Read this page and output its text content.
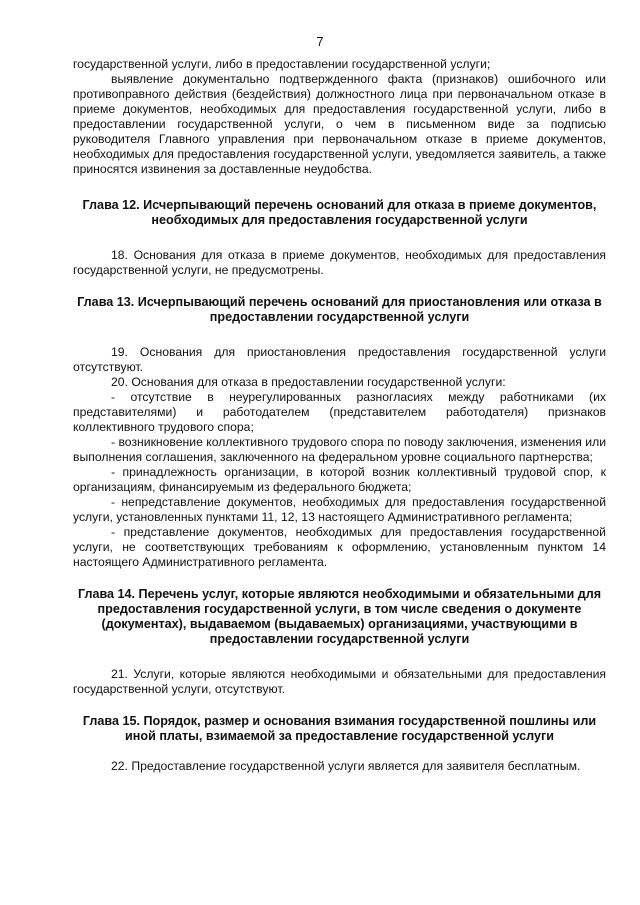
7

государственной услуги, либо в предоставлении государственной услуги;

выявление документально подтвержденного факта (признаков) ошибочного или противоправного действия (бездействия) должностного лица при первоначальном отказе в приеме документов, необходимых для предоставления государственной услуги, либо в предоставлении государственной услуги, о чем в письменном виде за подписью руководителя Главного управления при первоначальном отказе в приеме документов, необходимых для предоставления государственной услуги, уведомляется заявитель, а также приносятся извинения за доставленные неудобства.

Глава 12. Исчерпывающий перечень оснований для отказа в приеме документов, необходимых для предоставления государственной услуги

18. Основания для отказа в приеме документов, необходимых для предоставления государственной услуги, не предусмотрены.

Глава 13. Исчерпывающий перечень оснований для приостановления или отказа в предоставлении государственной услуги

19. Основания для приостановления предоставления государственной услуги отсутствуют.

20. Основания для отказа в предоставлении государственной услуги:

- отсутствие в неурегулированных разногласиях между работниками (их представителями) и работодателем (представителем работодателя) признаков коллективного трудового спора;

- возникновение коллективного трудового спора по поводу заключения, изменения или выполнения соглашения, заключенного на федеральном уровне социального партнерства;

- принадлежность организации, в которой возник коллективный трудовой спор, к организациям, финансируемым из федерального бюджета;

- непредставление документов, необходимых для предоставления государственной услуги, установленных пунктами 11, 12, 13 настоящего Административного регламента;

- представление документов, необходимых для предоставления государственной услуги, не соответствующих требованиям к оформлению, установленным пунктом 14 настоящего Административного регламента.

Глава 14. Перечень услуг, которые являются необходимыми и обязательными для предоставления государственной услуги, в том числе сведения о документе (документах), выдаваемом (выдаваемых) организациями, участвующими в предоставлении государственной услуги

21. Услуги, которые являются необходимыми и обязательными для предоставления государственной услуги, отсутствуют.

Глава 15. Порядок, размер и основания взимания государственной пошлины или иной платы, взимаемой за предоставление государственной услуги

22. Предоставление государственной услуги является для заявителя бесплатным.
